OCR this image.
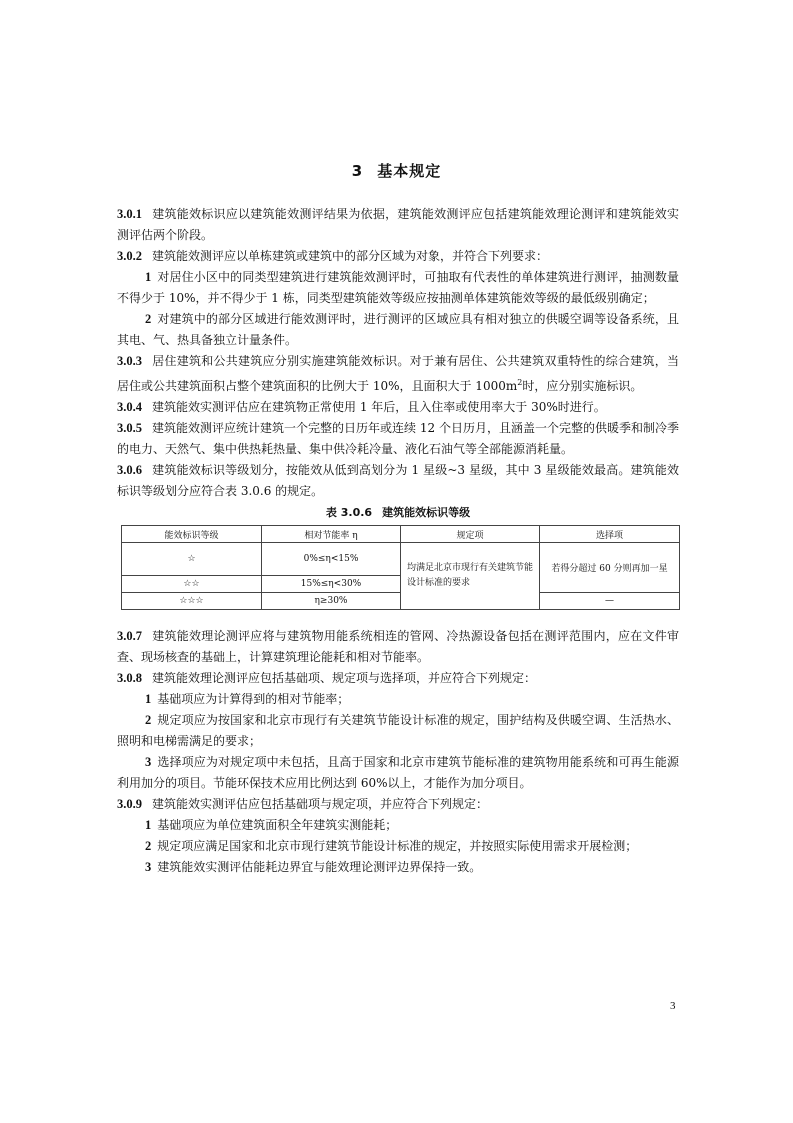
3 基本规定

3.0.1 建筑能效标识应以建筑能效测评结果为依据，建筑能效测评应包括建筑能效理论测评和建筑能效实测评估两个阶段。

3.0.2 建筑能效测评应以单栋建筑或建筑中的部分区域为对象，并符合下列要求：

1 对居住小区中的同类型建筑进行建筑能效测评时，可抽取有代表性的单体建筑进行测评，抽测数量不得少于 10%，并不得少于 1 栋，同类型建筑能效等级应按抽测单体建筑能效等级的最低级别确定；

2 对建筑中的部分区域进行能效测评时，进行测评的区域应具有相对独立的供暖空调等设备系统，且其电、气、热具备独立计量条件。

3.0.3 居住建筑和公共建筑应分别实施建筑能效标识。对于兼有居住、公共建筑双重特性的综合建筑，当居住或公共建筑面积占整个建筑面积的比例大于 10%，且面积大于 $1000m^2$时，应分别实施标识。

3.0.4 建筑能效实测评估应在建筑物正常使用 1 年后，且入住率或使用率大于 30%时进行。

3.0.5 建筑能效测评应统计建筑一个完整的日历年或连续 12 个日历月，且涵盖一个完整的供暖季和制冷季的电力、天然气、集中供热耗热量、集中供冷耗冷量、液化石油气等全部能源消耗量。

3.0.6 建筑能效标识等级划分，按能效从低到高划分为 1 星级~3 星级，其中 3 星级能效最高。建筑能效标识等级划分应符合表 3.0.6 的规定。

表 3.0.6 建筑能效标识等级
能效标识等级	相对节能率 η	规定项	选择项
☆	0%≤η<15%	均满足北京市现行有关建筑节能设计标准的要求	若得分超过 60 分则再加一星
☆☆	15%≤η<30%		
☆☆☆	η≥30%		—

3.0.7 建筑能效理论测评应将与建筑物用能系统相连的管网、冷热源设备包括在测评范围内，应在文件审查、现场核查的基础上，计算建筑理论能耗和相对节能率。

3.0.8 建筑能效理论测评应包括基础项、规定项与选择项，并应符合下列规定：

1 基础项应为计算得到的相对节能率；

2 规定项应为按国家和北京市现行有关建筑节能设计标准的规定，围护结构及供暖空调、生活热水、照明和电梯需满足的要求；

3 选择项应为对规定项中未包括，且高于国家和北京市建筑节能标准的建筑物用能系统和可再生能源利用加分的项目。节能环保技术应用比例达到 60%以上，才能作为加分项目。

3.0.9 建筑能效实测评估应包括基础项与规定项，并应符合下列规定：

1 基础项应为单位建筑面积全年建筑实测能耗；

2 规定项应满足国家和北京市现行建筑节能设计标准的规定，并按照实际使用需求开展检测；

3 建筑能效实测评估能耗边界宜与能效理论测评边界保持一致。

3
